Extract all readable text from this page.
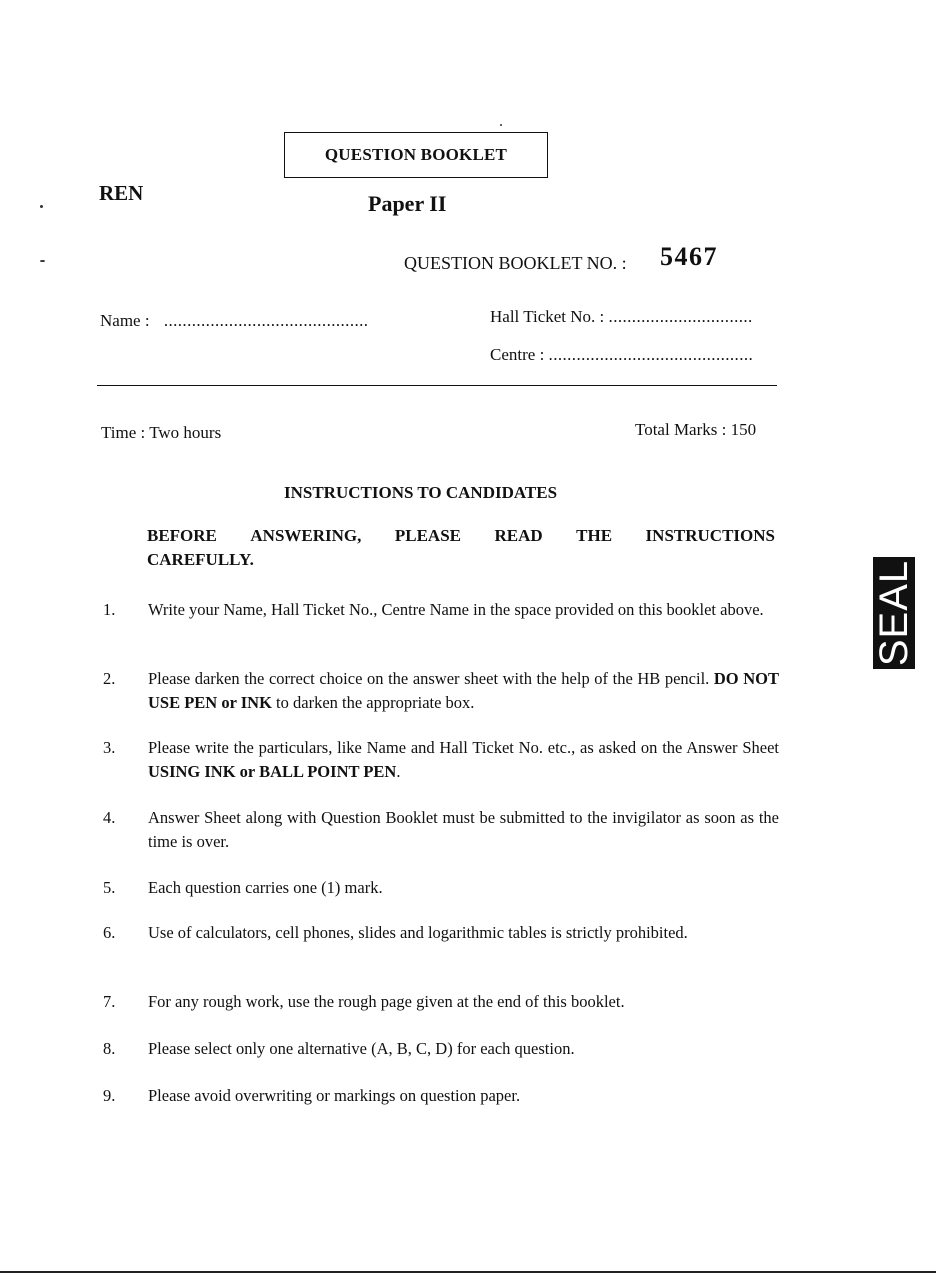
QUESTION BOOKLET
REN	Paper II
QUESTION BOOKLET NO. : 5467
Name : ............................................	Hall Ticket No. : ...............................
Centre : ............................................
Time : Two hours	Total Marks : 150
INSTRUCTIONS TO CANDIDATES
BEFORE ANSWERING, PLEASE READ THE INSTRUCTIONS
CAREFULLY.
1.	Write your Name, Hall Ticket No., Centre Name in the space provided on this booklet above.
2.	Please darken the correct choice on the answer sheet with the help of the HB pencil. DO NOT USE PEN or INK to darken the appropriate box.
3.	Please write the particulars, like Name and Hall Ticket No. etc., as asked on the Answer Sheet USING INK or BALL POINT PEN.
4.	Answer Sheet along with Question Booklet must be submitted to the invigilator as soon as the time is over.
5.	Each question carries one (1) mark.
6.	Use of calculators, cell phones, slides and logarithmic tables is strictly prohibited.
7.	For any rough work, use the rough page given at the end of this booklet.
8.	Please select only one alternative (A, B, C, D) for each question.
9.	Please avoid overwriting or markings on question paper.
SEAL
